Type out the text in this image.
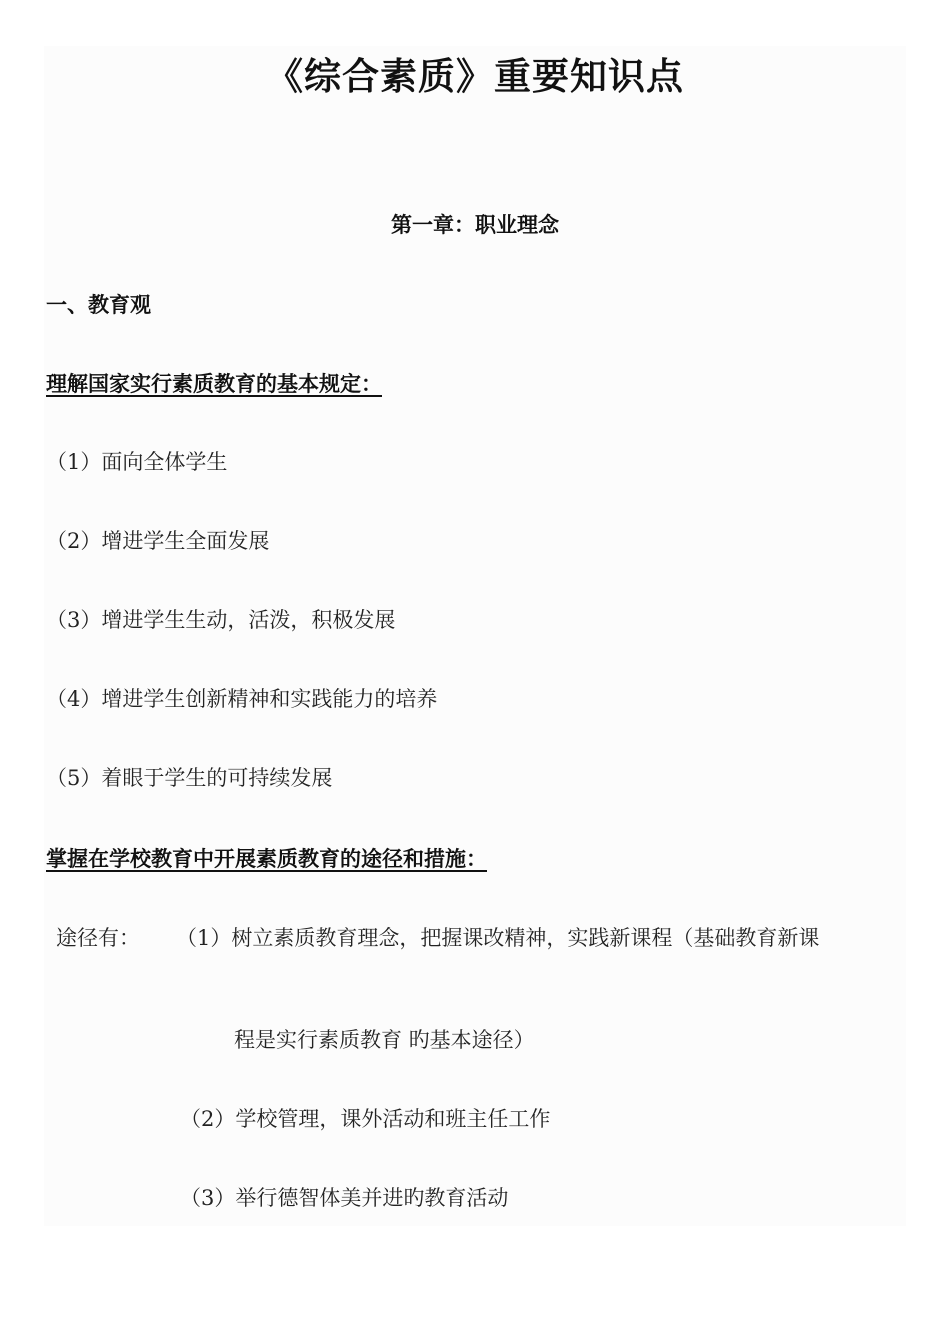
《综合素质》重要知识点
第一章：职业理念
一、教育观
理解国家实行素质教育的基本规定：
（1）面向全体学生
（2）增进学生全面发展
（3）增进学生生动，活泼，积极发展
（4）增进学生创新精神和实践能力的培养
（5）着眼于学生的可持续发展
掌握在学校教育中开展素质教育的途径和措施：
途径有： （1）树立素质教育理念，把握课改精神，实践新课程（基础教育新课
程是实行素质教育 旳基本途径）
（2）学校管理，课外活动和班主任工作
（3）举行德智体美并进旳教育活动
